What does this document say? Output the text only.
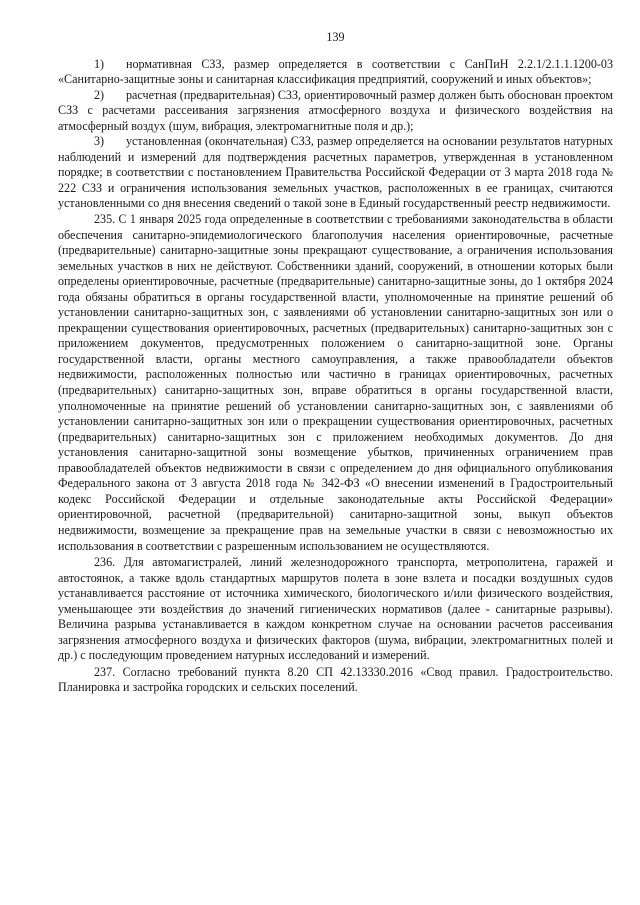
139

1) нормативная СЗЗ, размер определяется в соответствии с СанПиН 2.2.1/2.1.1.1200-03 «Санитарно-защитные зоны и санитарная классификация предприятий, сооружений и иных объектов»;

2) расчетная (предварительная) СЗЗ, ориентировочный размер должен быть обоснован проектом СЗЗ с расчетами рассеивания загрязнения атмосферного воздуха и физического воздействия на атмосферный воздух (шум, вибрация, электромагнитные поля и др.);

3) установленная (окончательная) СЗЗ, размер определяется на основании результатов натурных наблюдений и измерений для подтверждения расчетных параметров, утвержденная в установленном порядке; в соответствии с постановлением Правительства Российской Федерации от 3 марта 2018 года № 222 СЗЗ и ограничения использования земельных участков, расположенных в ее границах, считаются установленными со дня внесения сведений о такой зоне в Единый государственный реестр недвижимости.

235. С 1 января 2025 года определенные в соответствии с требованиями законодательства в области обеспечения санитарно-эпидемиологического благополучия населения ориентировочные, расчетные (предварительные) санитарно-защитные зоны прекращают существование, а ограничения использования земельных участков в них не действуют. Собственники зданий, сооружений, в отношении которых были определены ориентировочные, расчетные (предварительные) санитарно-защитные зоны, до 1 октября 2024 года обязаны обратиться в органы государственной власти, уполномоченные на принятие решений об установлении санитарно-защитных зон, с заявлениями об установлении санитарно-защитных зон или о прекращении существования ориентировочных, расчетных (предварительных) санитарно-защитных зон с приложением документов, предусмотренных положением о санитарно-защитной зоне. Органы государственной власти, органы местного самоуправления, а также правообладатели объектов недвижимости, расположенных полностью или частично в границах ориентировочных, расчетных (предварительных) санитарно-защитных зон, вправе обратиться в органы государственной власти, уполномоченные на принятие решений об установлении санитарно-защитных зон, с заявлениями об установлении санитарно-защитных зон или о прекращении существования ориентировочных, расчетных (предварительных) санитарно-защитных зон с приложением необходимых документов. До дня установления санитарно-защитной зоны возмещение убытков, причиненных ограничением прав правообладателей объектов недвижимости в связи с определением до дня официального опубликования Федерального закона от 3 августа 2018 года № 342-ФЗ «О внесении изменений в Градостроительный кодекс Российской Федерации и отдельные законодательные акты Российской Федерации» ориентировочной, расчетной (предварительной) санитарно-защитной зоны, выкуп объектов недвижимости, возмещение за прекращение прав на земельные участки в связи с невозможностью их использования в соответствии с разрешенным использованием не осуществляются.

236. Для автомагистралей, линий железнодорожного транспорта, метрополитена, гаражей и автостоянок, а также вдоль стандартных маршрутов полета в зоне взлета и посадки воздушных судов устанавливается расстояние от источника химического, биологического и/или физического воздействия, уменьшающее эти воздействия до значений гигиенических нормативов (далее - санитарные разрывы). Величина разрыва устанавливается в каждом конкретном случае на основании расчетов рассеивания загрязнения атмосферного воздуха и физических факторов (шума, вибрации, электромагнитных полей и др.) с последующим проведением натурных исследований и измерений.

237. Согласно требований пункта 8.20 СП 42.13330.2016 «Свод правил. Градостроительство. Планировка и застройка городских и сельских поселений.
